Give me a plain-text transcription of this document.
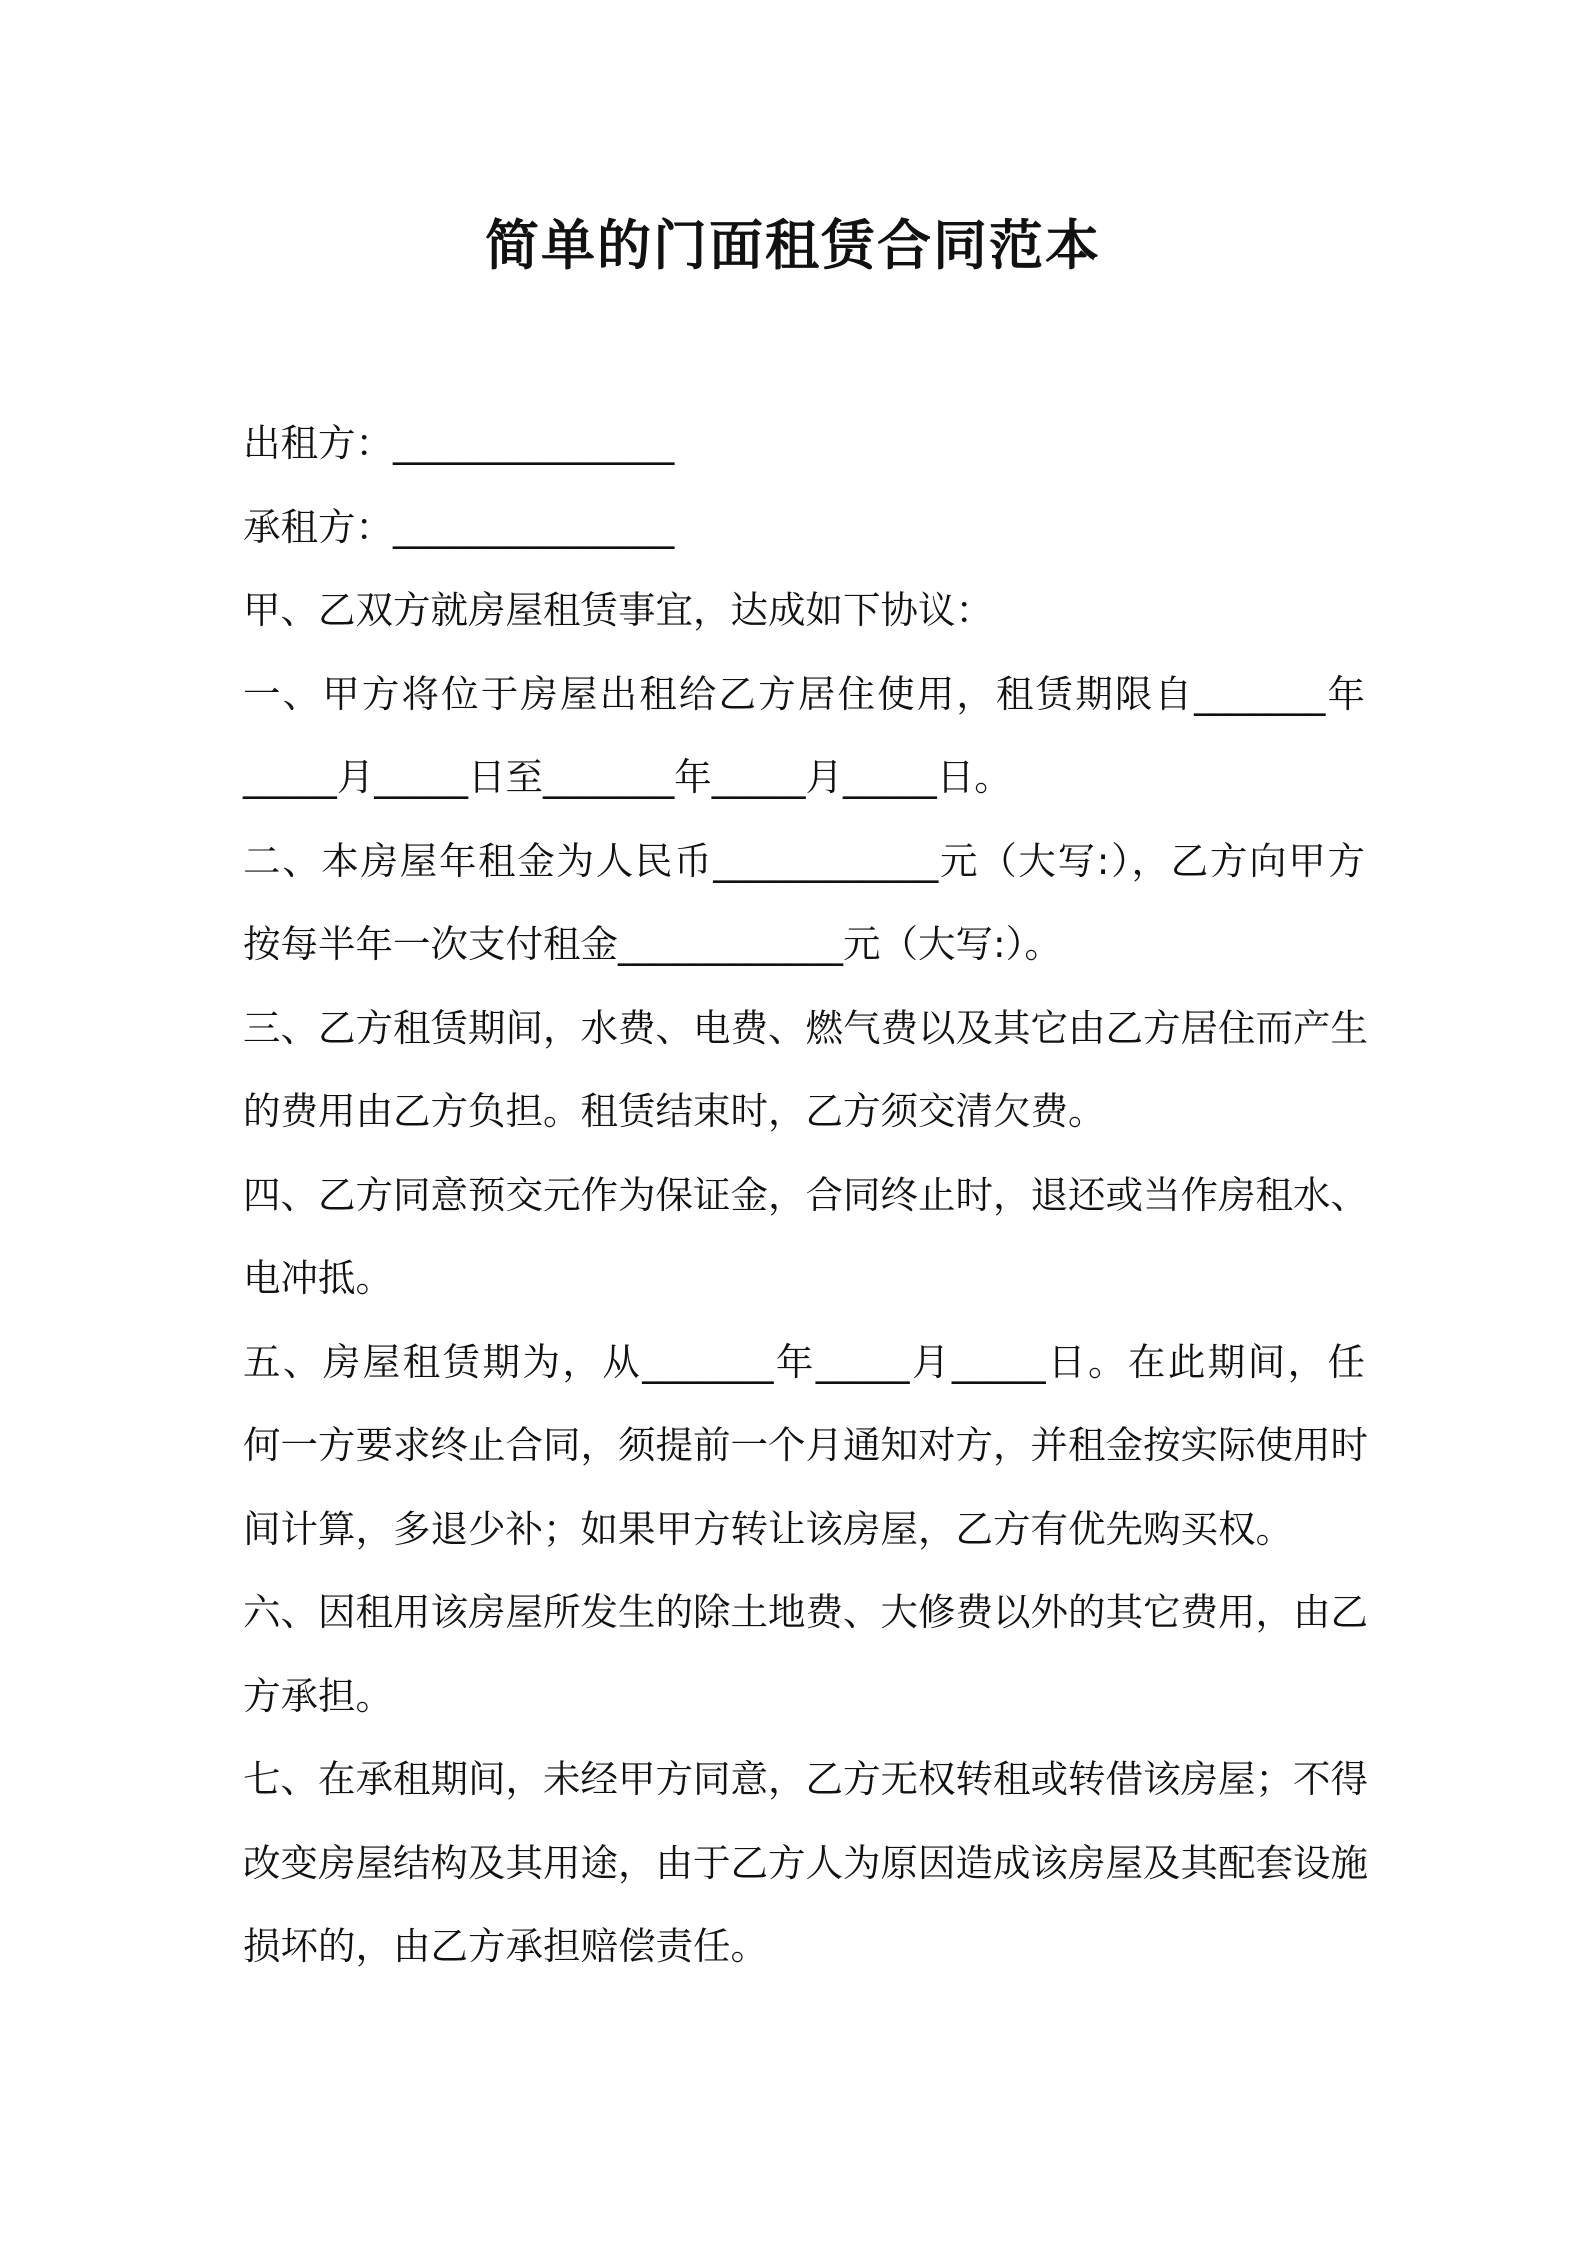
简单的门面租赁合同范本
出租方：_______________
承租方：_______________
甲、乙双方就房屋租赁事宜，达成如下协议：
一、甲方将位于房屋出租给乙方居住使用，租赁期限自_______年
_____月_____日至_______年_____月_____日。
二、本房屋年租金为人民币____________元（大写:），乙方向甲方
按每半年一次支付租金____________元（大写:）。
三、乙方租赁期间，水费、电费、燃气费以及其它由乙方居住而产生
的费用由乙方负担。租赁结束时，乙方须交清欠费。
四、乙方同意预交元作为保证金，合同终止时，退还或当作房租水、
电冲抵。
五、房屋租赁期为，从_______年_____月_____日。在此期间，任
何一方要求终止合同，须提前一个月通知对方，并租金按实际使用时
间计算，多退少补；如果甲方转让该房屋，乙方有优先购买权。
六、因租用该房屋所发生的除土地费、大修费以外的其它费用，由乙
方承担。
七、在承租期间，未经甲方同意，乙方无权转租或转借该房屋；不得
改变房屋结构及其用途，由于乙方人为原因造成该房屋及其配套设施
损坏的，由乙方承担赔偿责任。
